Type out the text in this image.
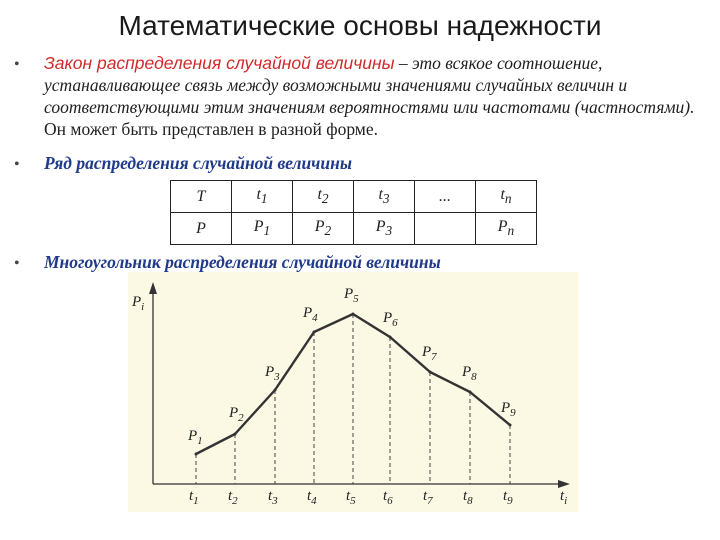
Математические основы надежности
• Закон распределения случайной величины – это всякое соотношение, устанавливающее связь между возможными значениями случайных величин и соответствующими этим значениям вероятностями или частотами (частностями). Он может быть представлен в разной форме.
• Ряд распределения случайной величины
T	$t_1$	$t_2$	$t_3$	...	$t_n$
P	$P_1$	$P_2$	$P_3$		$P_n$
• Многоугольник распределения случайной величины
$P_i$
$t_i$
$P_1$
$P_2$
$P_3$
$P_4$
$P_5$
$P_6$
$P_7$
$P_8$
$P_9$
$t_1$ $t_2$ $t_3$ $t_4$ $t_5$ $t_6$ $t_7$ $t_8$ $t_9$
